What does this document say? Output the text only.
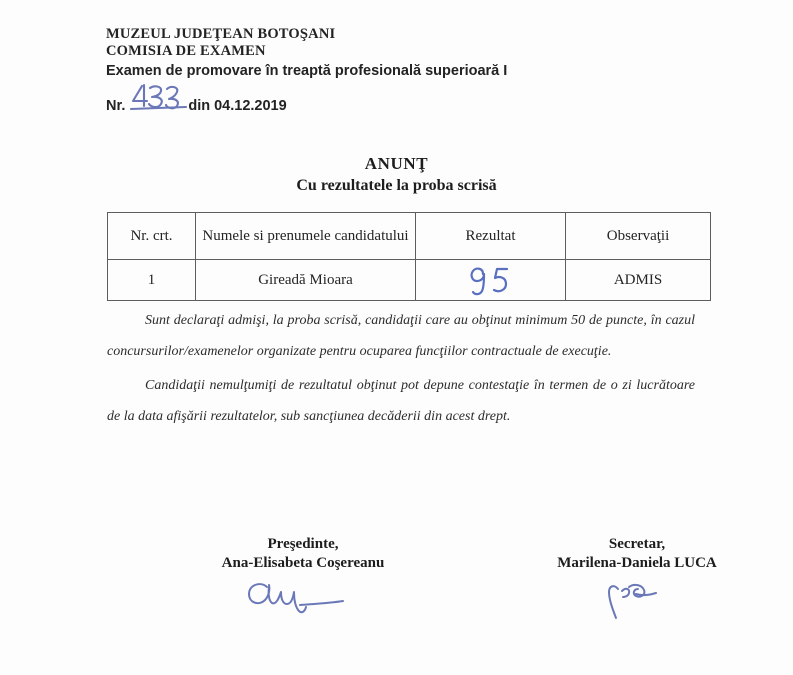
MUZEUL JUDEŢEAN BOTOŞANI
COMISIA DE EXAMEN
Examen de promovare în treaptă profesională superioară I
Nr.	din 04.12.2019
ANUNŢ
Cu rezultatele la proba scrisă
Nr. crt.	Numele si prenumele candidatului	Rezultat	Observaţii
1	Gireadă Mioara		ADMIS
Sunt declaraţi admişi, la proba scrisă, candidaţii care au obţinut minimum 50 de puncte, în cazul concursurilor/examenelor organizate pentru ocuparea funcţiilor contractuale de execuţie.
Candidaţii nemulţumiţi de rezultatul obţinut pot depune contestaţie în termen de o zi lucrătoare de la data afişării rezultatelor, sub sancţiunea decăderii din acest drept.
Preşedinte,
Ana-Elisabeta Coşereanu
Secretar,
Marilena-Daniela LUCA
